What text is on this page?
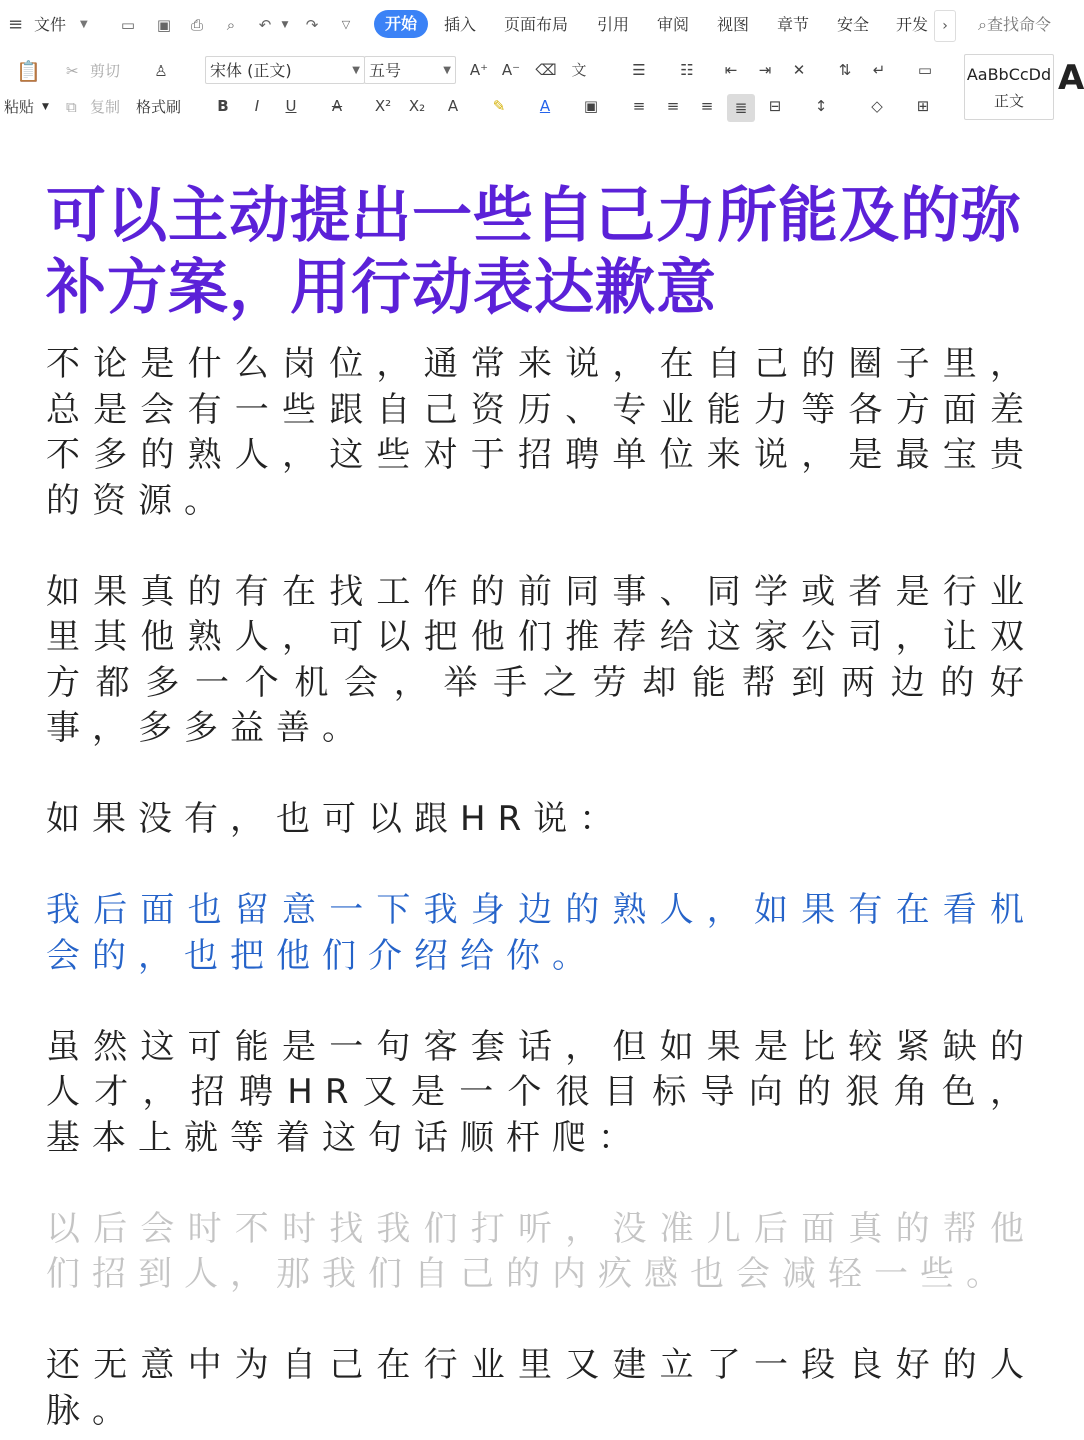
≡ 文件 ▼ ▭ ▣ ⎙	⌕	↶	▼	↷	▽	开始	插入 页面布局 引用 审阅 视图 章节 安全 开发	›	⌕查找命令
📋
粘贴 ▼
✂ 剪切
⧉ 复制
♙
格式刷
宋体 (正文)	▼ 五号	▼ A⁺ A⁻ ⌫ 文
B	I	U	A	X² X₂	A	✎	A	▣
☰ ☷	⇤	⇥	✕	⇅	↵	▭
≡	≡	≡	≣	⊟	↕	◇	⊞
AaBbCcDd
正文
A
可以主动提出一些自己力所能及的弥补方案，用行动表达歉意

不论是什么岗位，通常来说，在自己的圈子里，总是会有一些跟自己资历、专业能力等各方面差不多的熟人，这些对于招聘单位来说，是最宝贵的资源。

如果真的有在找工作的前同事、同学或者是行业里其他熟人，可以把他们推荐给这家公司，让双方都多一个机会，举手之劳却能帮到两边的好事，多多益善。

如果没有，也可以跟HR说：

我后面也留意一下我身边的熟人，如果有在看机会的，也把他们介绍给你。

虽然这可能是一句客套话，但如果是比较紧缺的人才，招聘HR又是一个很目标导向的狠角色，基本上就等着这句话顺杆爬：

以后会时不时找我们打听，没准儿后面真的帮他们招到人，那我们自己的内疚感也会减轻一些。

还无意中为自己在行业里又建立了一段良好的人脉。
